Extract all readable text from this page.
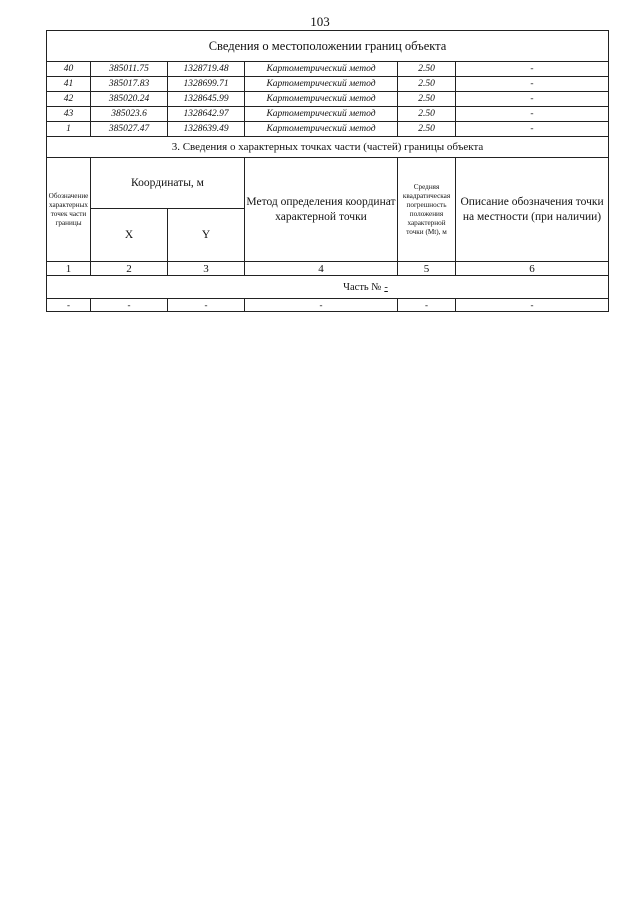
103
Сведения о местоположении границ объекта					
40	385011.75	1328719.48	Картометрический метод	2.50	-
41	385017.83	1328699.71	Картометрический метод	2.50	-
42	385020.24	1328645.99	Картометрический метод	2.50	-
43	385023.6	1328642.97	Картометрический метод	2.50	-
1	385027.47	1328639.49	Картометрический метод	2.50	-
3. Сведения о характерных точках части (частей) границы объекта					
Обозначение характерных точек части границы	Координаты, м		Метод определения координат характерной точки	Средняя квадратическая погрешность положения характерной точки (Mt), м	Описание обозначения точки на местности (при наличии)
	X	Y			
1	2	3	4	5	6
Часть № -					
-	-	-	-	-	-
